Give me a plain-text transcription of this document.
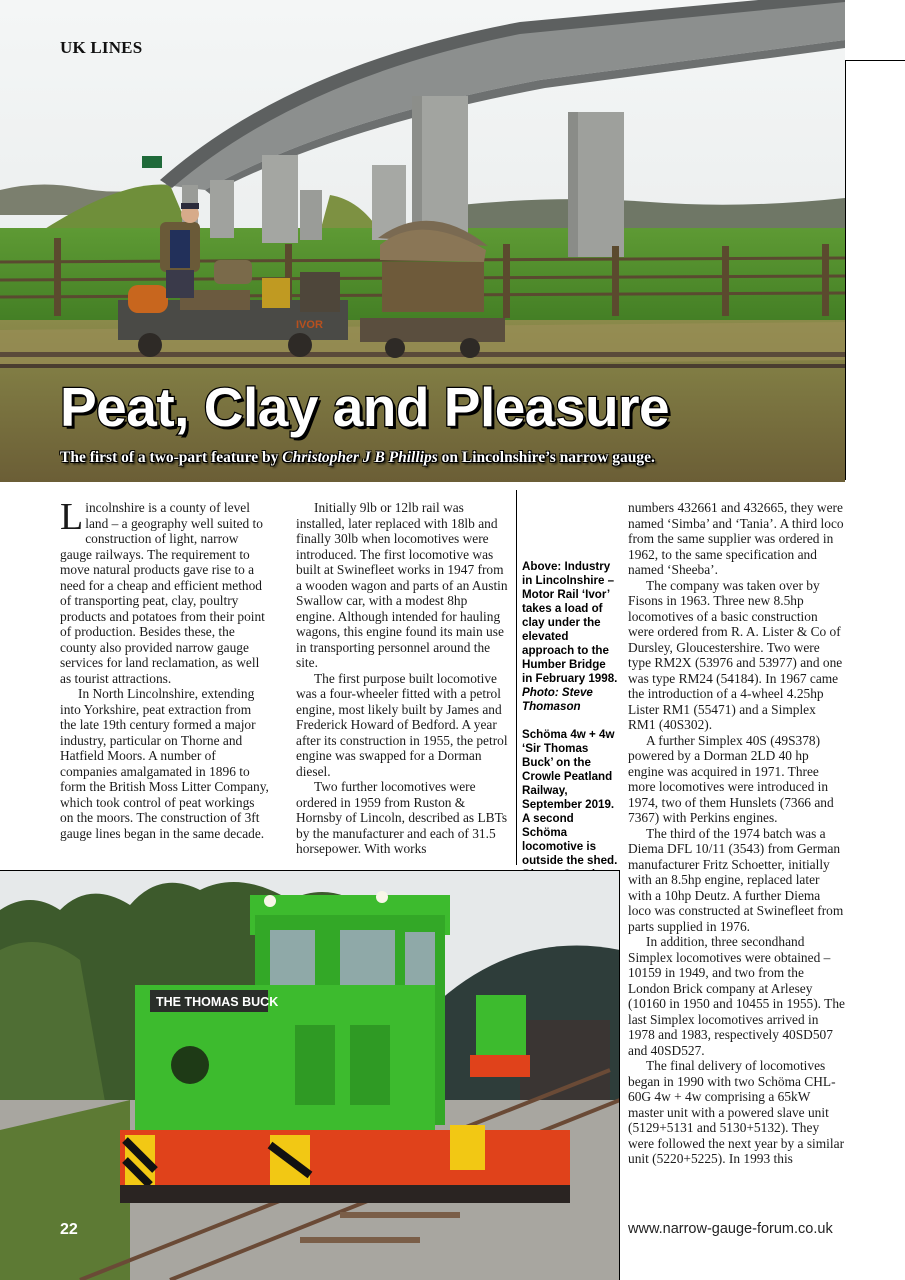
IVOR
UK LINES
Peat, Clay and Pleasure
The first of a two-part feature by Christopher J B Phillips on Lincolnshire’s narrow gauge.

Lincolnshire is a county of level land – a geography well suited to construction of light, narrow gauge railways. The requirement to move natural products gave rise to a need for a cheap and efficient method of transporting peat, clay, poultry products and potatoes from their point of production. Besides these, the county also provided narrow gauge services for land reclamation, as well as tourist attractions.

In North Lincolnshire, extending into Yorkshire, peat extraction from the late 19th century formed a major industry, particular on Thorne and Hatfield Moors. A number of companies amalgamated in 1896 to form the British Moss Litter Company, which took control of peat workings on the moors. The construction of 3ft gauge lines began in the same decade.

Initially 9lb or 12lb rail was installed, later replaced with 18lb and finally 30lb when locomotives were introduced. The first locomotive was built at Swinefleet works in 1947 from a wooden wagon and parts of an Austin Swallow car, with a modest 8hp engine. Although intended for hauling wagons, this engine found its main use in transporting personnel around the site.

The first purpose built locomotive was a four-wheeler fitted with a petrol engine, most likely built by James and Frederick Howard of Bedford. A year after its construction in 1955, the petrol engine was swapped for a Dorman diesel.

Two further locomotives were ordered in 1959 from Ruston & Hornsby of Lincoln, described as LBTs by the manufacturer and each of 31.5 horsepower. With works

Above: Industry in Lincolnshire – Motor Rail ‘Ivor’ takes a load of clay under the elevated approach to the Humber Bridge in February 1998. Photo: Steve Thomason

Schöma 4w + 4w ‘Sir Thomas Buck’ on the Crowle Peatland Railway, September 2019. A second Schöma locomotive is outside the shed.

numbers 432661 and 432665, they were named ‘Simba’ and ‘Tania’. A third loco from the same supplier was ordered in 1962, to the same specification and named ‘Sheeba’.

The company was taken over by Fisons in 1963. Three new 8.5hp locomotives of a basic construction were ordered from R. A. Lister & Co of Dursley, Gloucestershire. Two were type RM2X (53976 and 53977) and one was type RM24 (54184). In 1967 came the introduction of a 4-wheel 4.25hp Lister RM1 (55471) and a Simplex RM1 (40S302).

A further Simplex 40S (49S378) powered by a Dorman 2LD 40 hp engine was acquired in 1971. Three more locomotives were introduced in 1974, two of them Hunslets (7366 and 7367) with Perkins engines.

The third of the 1974 batch was a Diema DFL 10/11 (3543) from German manufacturer Fritz Schoetter, initially with an 8.5hp engine, replaced later with a 10hp Deutz. A further Diema loco was constructed at Swinefleet from parts supplied in 1976.

In addition, three secondhand Simplex locomotives were obtained – 10159 in 1949, and two from the London Brick company at Arlesey (10160 in 1950 and 10455 in 1955). The last Simplex locomotives arrived in 1978 and 1983, respectively 40SD507 and 40SD527.

The final delivery of locomotives began in 1990 with two Schöma CHL-60G 4w + 4w comprising a 65kW master unit with a powered slave unit (5129+5131 and 5130+5132). They were followed the next year by a similar unit (5220+5225). In 1993 this

THE THOMAS BUCK
22	www.narrow-gauge-forum.co.uk
